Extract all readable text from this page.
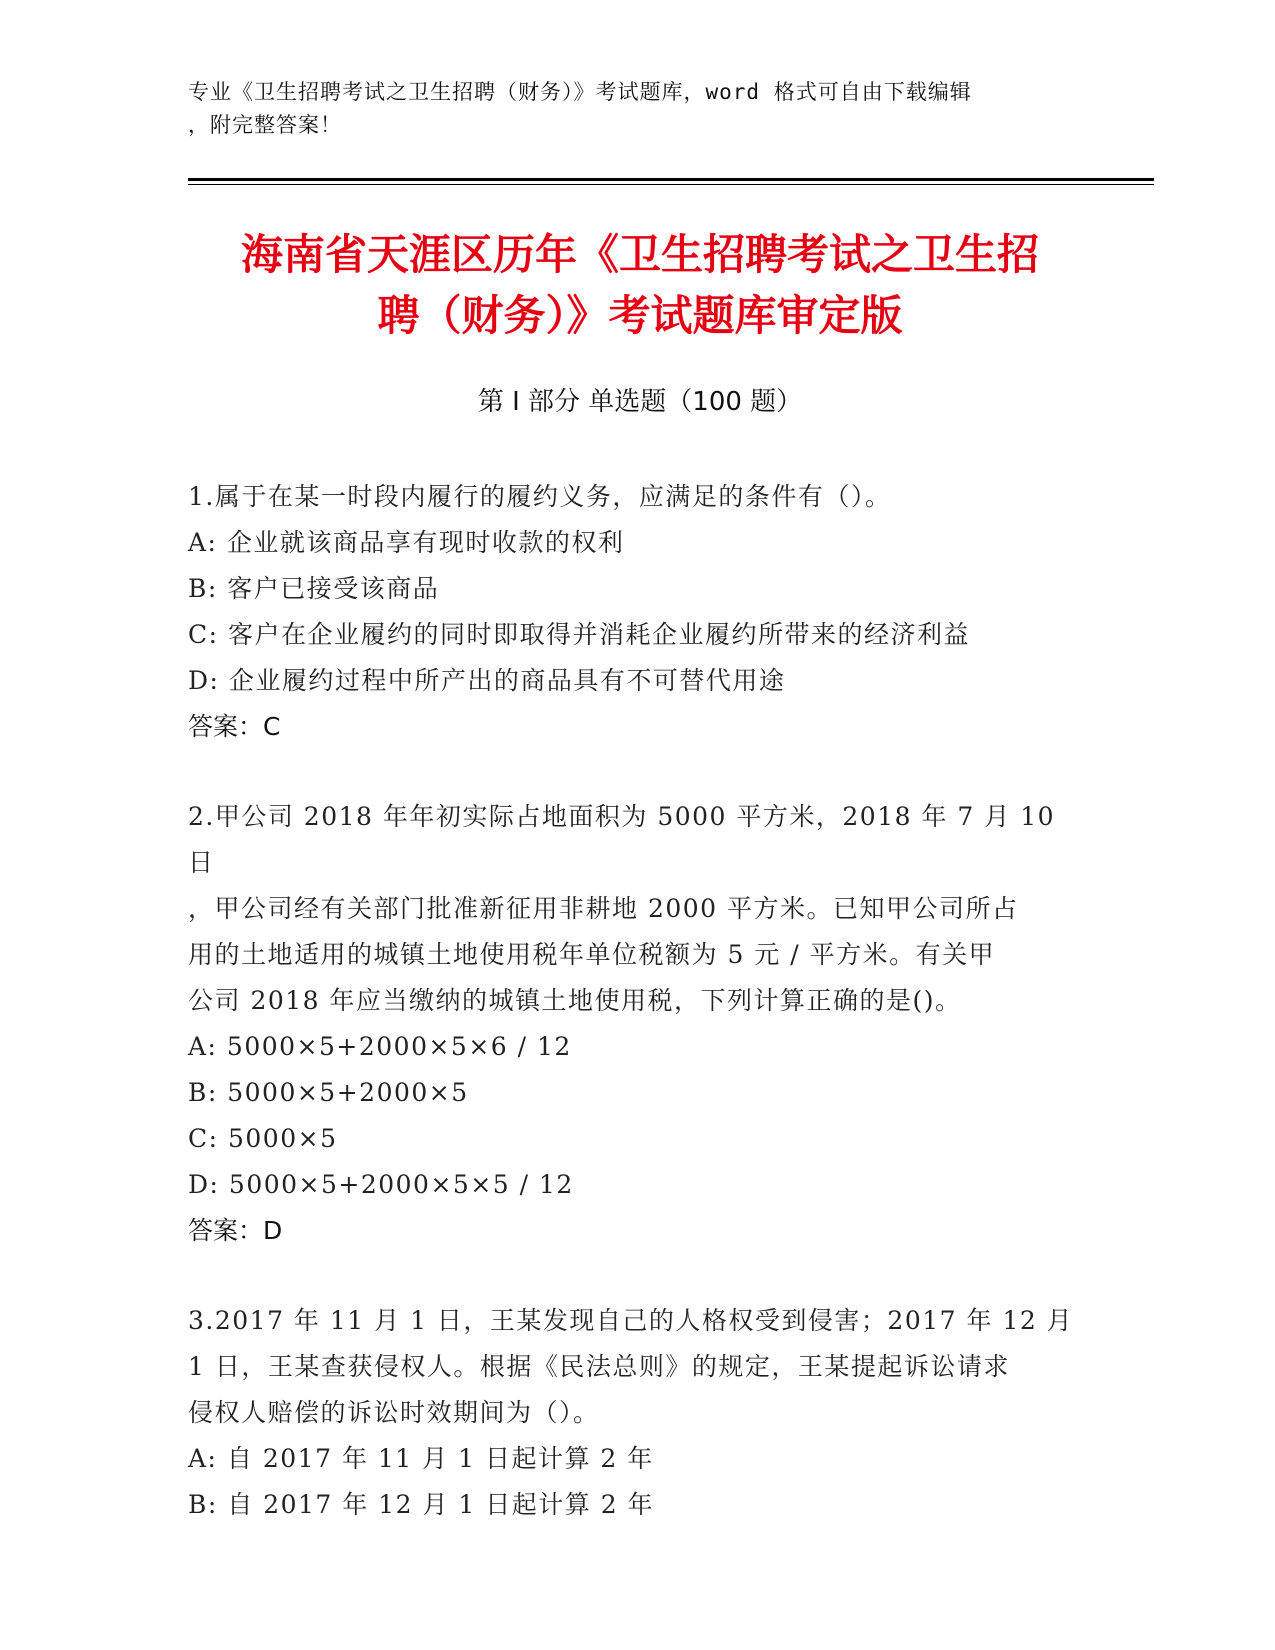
专业《卫生招聘考试之卫生招聘（财务）》考试题库，word 格式可自由下载编辑
，附完整答案！
海南省天涯区历年《卫生招聘考试之卫生招
聘（财务）》考试题库审定版
第 I 部分 单选题（100 题）

1.属于在某一时段内履行的履约义务，应满足的条件有（）。

A: 企业就该商品享有现时收款的权利

B: 客户已接受该商品

C: 客户在企业履约的同时即取得并消耗企业履约所带来的经济利益

D: 企业履约过程中所产出的商品具有不可替代用途

答案：C

2.甲公司 2018 年年初实际占地面积为 5000 平方米，2018 年 7 月 10 日

，甲公司经有关部门批准新征用非耕地 2000 平方米。已知甲公司所占

用的土地适用的城镇土地使用税年单位税额为 5 元 / 平方米。有关甲

公司 2018 年应当缴纳的城镇土地使用税，下列计算正确的是()。

A: 5000×5+2000×5×6 / 12

B: 5000×5+2000×5

C: 5000×5

D: 5000×5+2000×5×5 / 12

答案：D

3.2017 年 11 月 1 日，王某发现自己的人格权受到侵害；2017 年 12 月

1 日，王某查获侵权人。根据《民法总则》的规定，王某提起诉讼请求

侵权人赔偿的诉讼时效期间为（）。

A: 自 2017 年 11 月 1 日起计算 2 年

B: 自 2017 年 12 月 1 日起计算 2 年
